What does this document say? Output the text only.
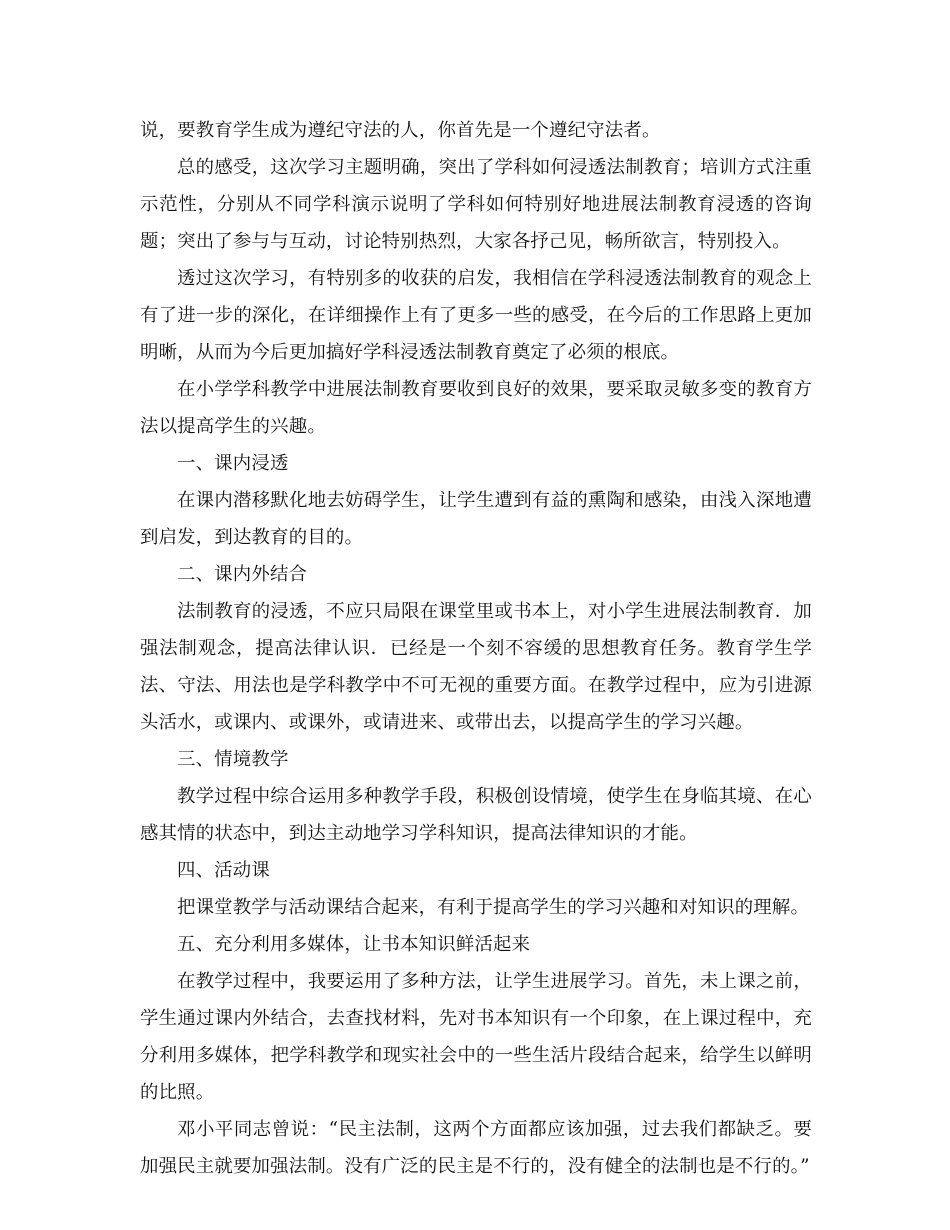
说，要教育学生成为遵纪守法的人，你首先是一个遵纪守法者。

总的感受，这次学习主题明确，突出了学科如何浸透法制教育；培训方式注重示范性，分别从不同学科演示说明了学科如何特别好地进展法制教育浸透的咨询题；突出了参与与互动，讨论特别热烈，大家各抒己见，畅所欲言，特别投入。

透过这次学习，有特别多的收获的启发，我相信在学科浸透法制教育的观念上有了进一步的深化，在详细操作上有了更多一些的感受，在今后的工作思路上更加明晰，从而为今后更加搞好学科浸透法制教育奠定了必须的根底。

在小学学科教学中进展法制教育要收到良好的效果，要采取灵敏多变的教育方法以提高学生的兴趣。

一、课内浸透

在课内潜移默化地去妨碍学生，让学生遭到有益的熏陶和感染，由浅入深地遭到启发，到达教育的目的。

二、课内外结合

法制教育的浸透，不应只局限在课堂里或书本上，对小学生进展法制教育．加强法制观念，提高法律认识．已经是一个刻不容缓的思想教育任务。教育学生学法、守法、用法也是学科教学中不可无视的重要方面。在教学过程中，应为引进源头活水，或课内、或课外，或请进来、或带出去，以提高学生的学习兴趣。

三、情境教学

教学过程中综合运用多种教学手段，积极创设情境，使学生在身临其境、在心感其情的状态中，到达主动地学习学科知识，提高法律知识的才能。

四、活动课

把课堂教学与活动课结合起来，有利于提高学生的学习兴趣和对知识的理解。

五、充分利用多媒体，让书本知识鲜活起来

在教学过程中，我要运用了多种方法，让学生进展学习。首先，未上课之前，学生通过课内外结合，去查找材料，先对书本知识有一个印象，在上课过程中，充分利用多媒体，把学科教学和现实社会中的一些生活片段结合起来，给学生以鲜明的比照。

邓小平同志曾说：“民主法制，这两个方面都应该加强，过去我们都缺乏。要加强民主就要加强法制。没有广泛的民主是不行的，没有健全的法制也是不行的。”
